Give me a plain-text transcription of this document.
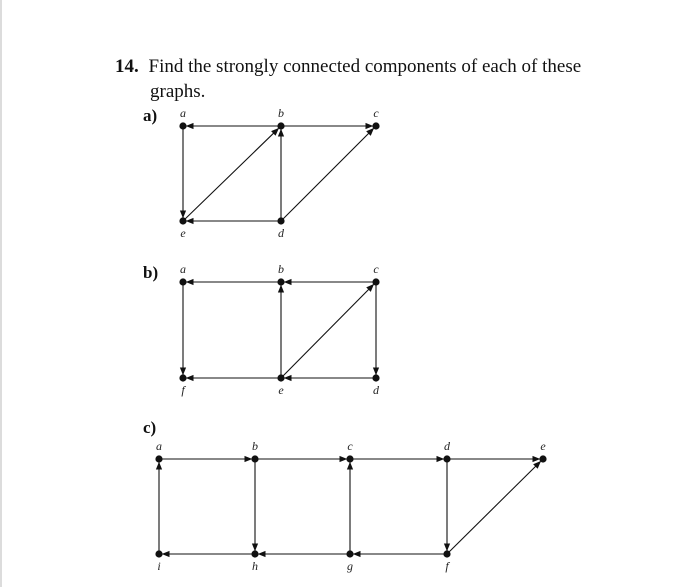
14. Find the strongly connected components of each of these
graphs.
a)
b)
c)
a	b	c
d
e
a	b	c
d
e
f
a	b	c	d	e
f
g
h
i
